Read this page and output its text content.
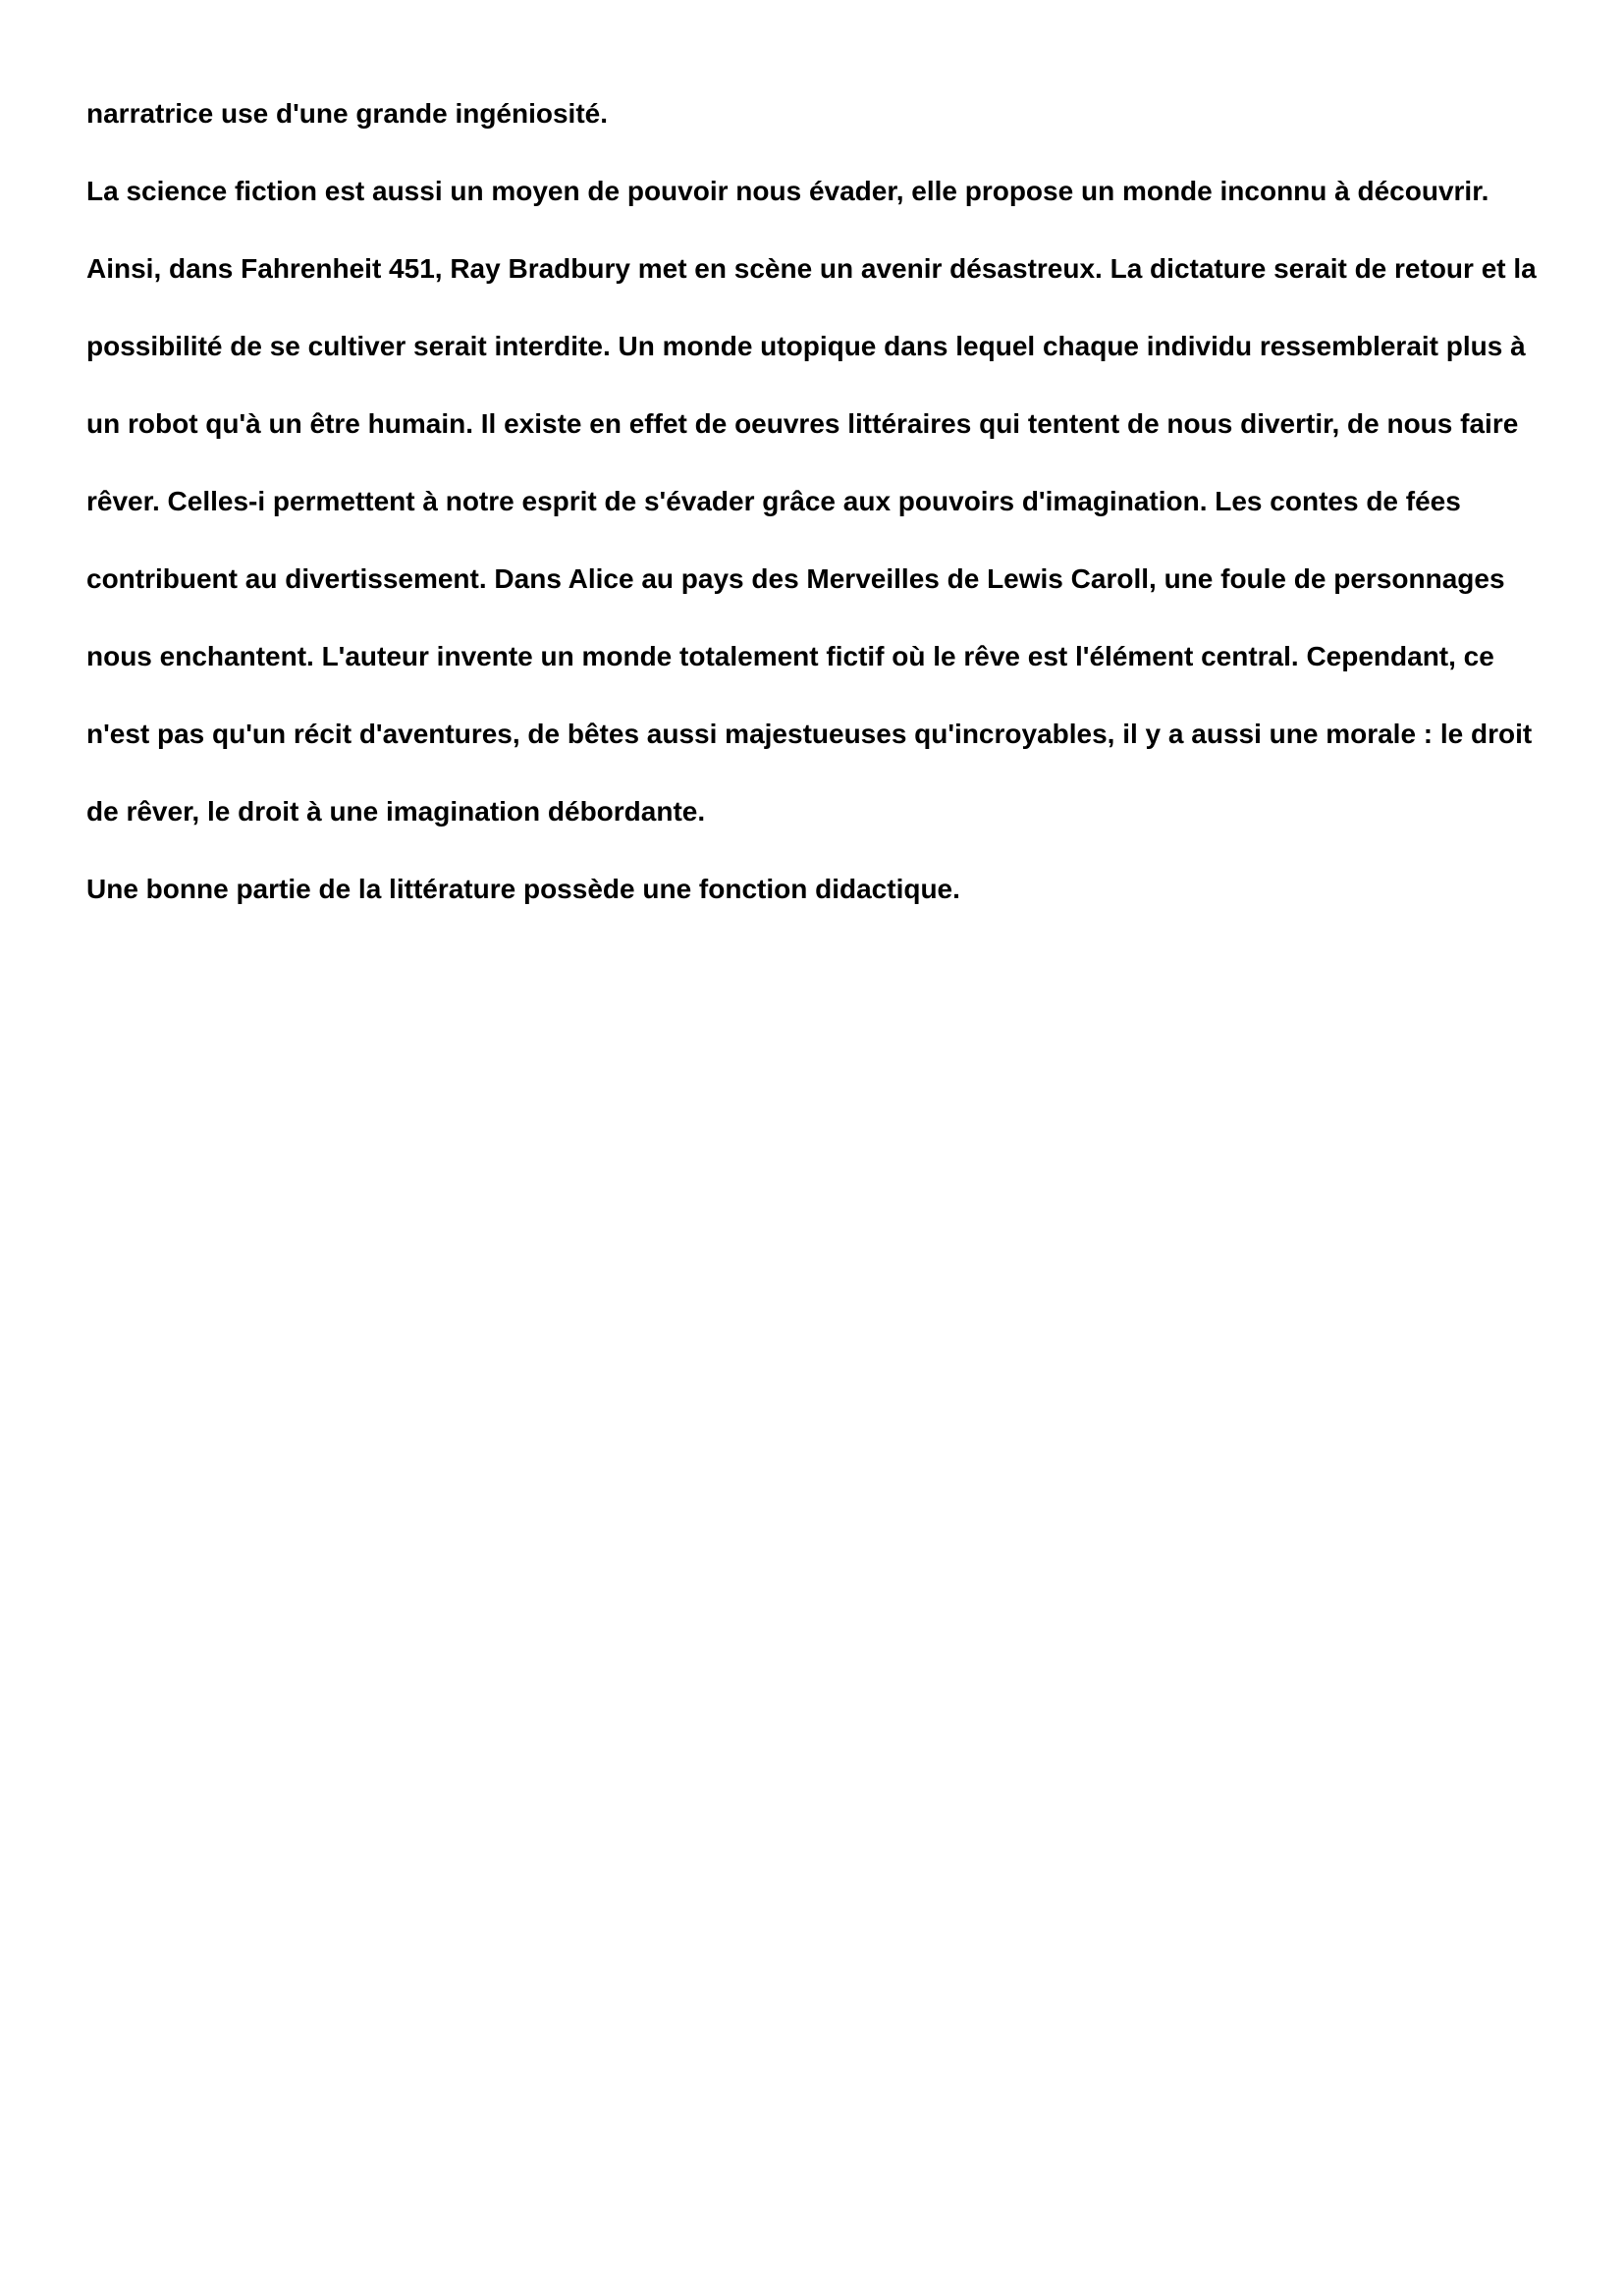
narratrice use d'une grande ingéniosité.
La science fiction est aussi un moyen de pouvoir nous évader, elle propose un monde inconnu à découvrir.
Ainsi, dans Fahrenheit 451, Ray Bradbury met en scène un avenir désastreux. La dictature serait de retour et la
possibilité de se cultiver serait interdite. Un monde utopique dans lequel chaque individu ressemblerait plus à
un robot qu'à un être humain. Il existe en effet de oeuvres littéraires qui tentent de nous divertir, de nous faire
rêver. Celles-i permettent à notre esprit de s'évader grâce aux pouvoirs d'imagination. Les contes de fées
contribuent au divertissement. Dans Alice au pays des Merveilles de Lewis Caroll, une foule de personnages
nous enchantent. L'auteur invente un monde totalement fictif où le rêve est l'élément central. Cependant, ce
n'est pas qu'un récit d'aventures, de bêtes aussi majestueuses qu'incroyables, il y a aussi une morale : le droit
de rêver, le droit à une imagination débordante.
Une bonne partie de la littérature possède une fonction didactique.
